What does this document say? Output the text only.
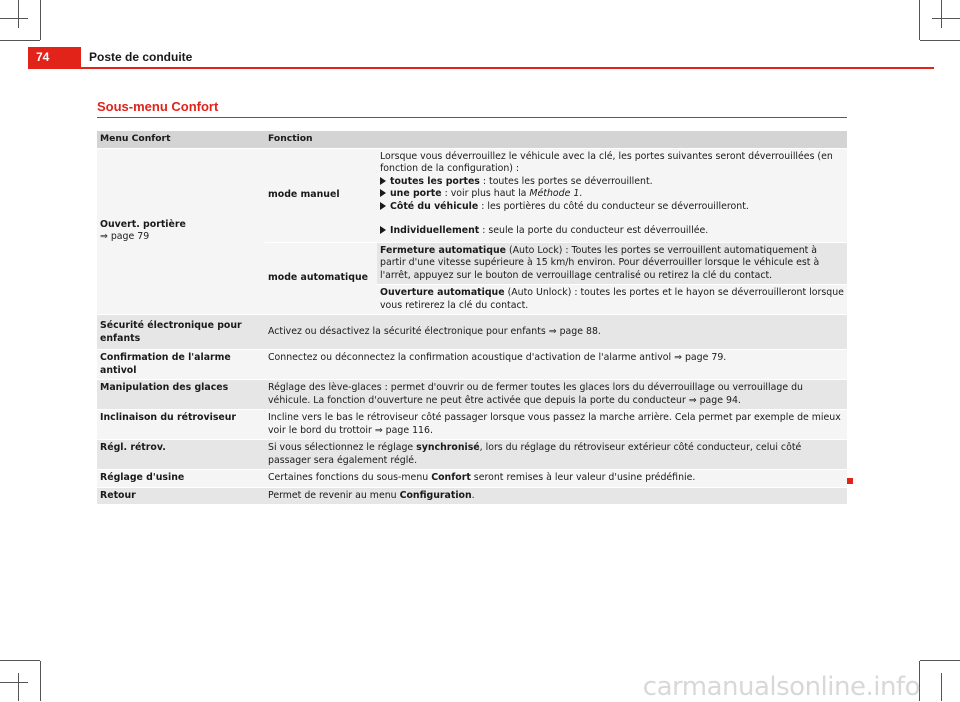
74	Poste de conduite
Sous-menu Confort
Menu Confort	Fonction	

Ouvert. portière
⇒ page 79	mode manuel	Lorsque vous déverrouillez le véhicule avec la clé, les portes suivantes seront déverrouillées (en fonction de la configuration) :
toutes les portes : toutes les portes se déverrouillent.
une porte : voir plus haut la Méthode 1.
Côté du véhicule : les portières du côté du conducteur se déverrouilleront.
Individuellement : seule la porte du conducteur est déverrouillée.

	mode automatique	Fermeture automatique (Auto Lock) : Toutes les portes se verrouillent automatiquement à partir d'une vitesse supérieure à 15 km/h environ. Pour déverrouiller lorsque le véhicule est à l'arrêt, appuyez sur le bouton de verrouillage centralisé ou retirez la clé du contact.
		Ouverture automatique (Auto Unlock) : toutes les portes et le hayon se déverrouilleront lorsque vous retirerez la clé du contact.
Sécurité électronique pour enfants	Activez ou désactivez la sécurité électronique pour enfants ⇒ page 88.	
Confirmation de l'alarme antivol	Connectez ou déconnectez la confirmation acoustique d'activation de l'alarme antivol ⇒ page 79.	
Manipulation des glaces	Réglage des lève-glaces : permet d'ouvrir ou de fermer toutes les glaces lors du déverrouillage ou verrouillage du véhicule. La fonction d'ouverture ne peut être activée que depuis la porte du conducteur ⇒ page 94.	
Inclinaison du rétroviseur	Incline vers le bas le rétroviseur côté passager lorsque vous passez la marche arrière. Cela permet par exemple de mieux voir le bord du trottoir ⇒ page 116.	
Régl. rétrov.	Si vous sélectionnez le réglage synchronisé, lors du réglage du rétroviseur extérieur côté conducteur, celui côté passager sera également réglé.	
Réglage d'usine	Certaines fonctions du sous-menu Confort seront remises à leur valeur d'usine prédéfinie.	
Retour	Permet de revenir au menu Configuration.	
carmanualsonline.info
